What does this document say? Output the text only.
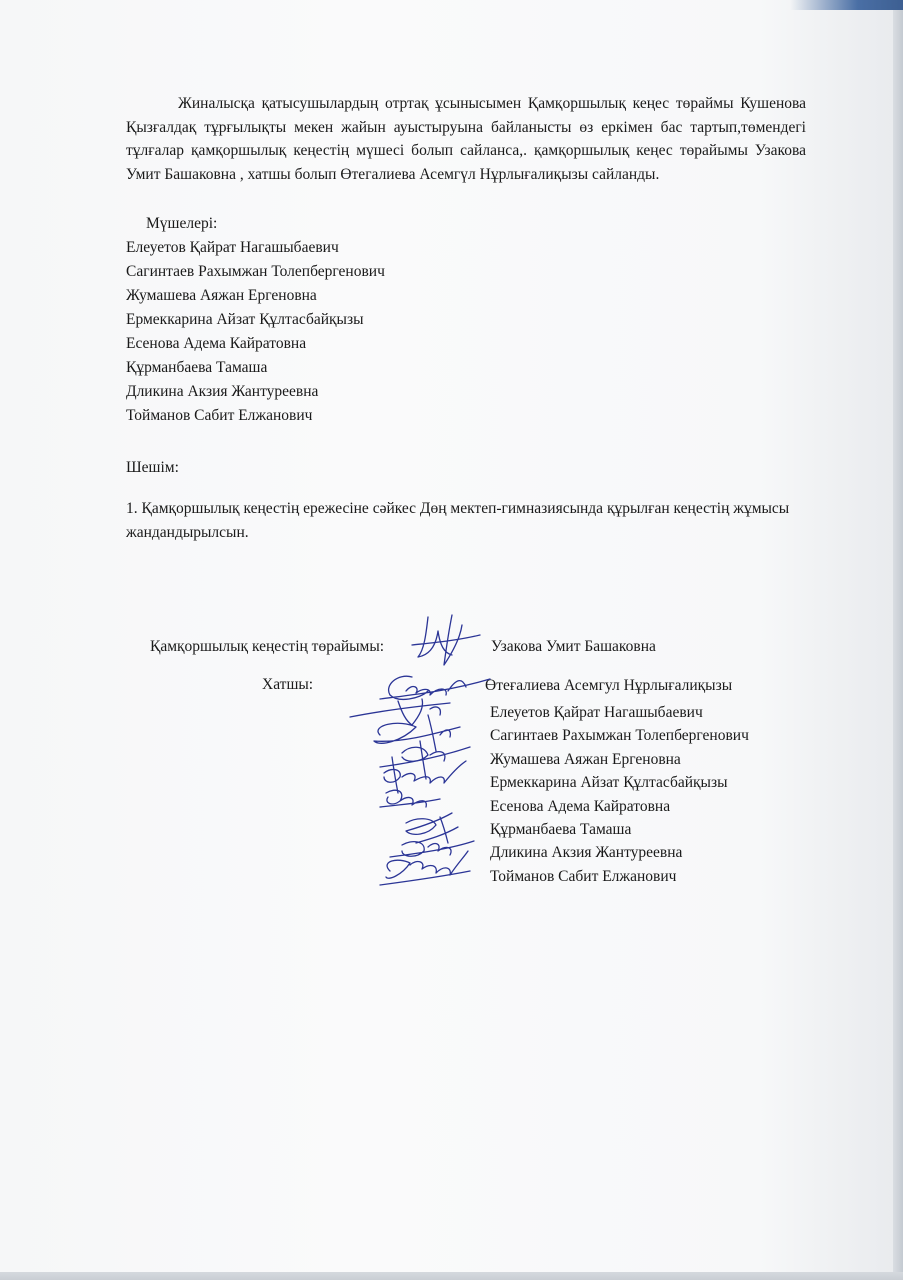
Жиналысқа қатысушылардың отртақ ұсынысымен Қамқоршылық кеңес төраймы Кушенова Қызғалдақ тұрғылықты мекен жайын ауыстыруына байланысты өз еркімен бас тартып,төмендегі тұлғалар қамқоршылық кеңестің мүшесі болып сайланса,. қамқоршылық кеңес төрайымы Узакова Умит Башаковна , хатшы болып Өтегалиева Асемгүл Нұрлығалиқызы сайланды.
Мүшелері:
Елеуетов Қайрат Нагашыбаевич
Сагинтаев Рахымжан Толепбергенович
Жумашева Аяжан Ергеновна
Ермеккарина Айзат Құлтасбайқызы
Есенова Адема Кайратовна
Құрманбаева Тамаша
Дликина Акзия Жантуреевна
Тойманов Сабит Елжанович
Шешім:
1. Қамқоршылық кеңестің ережесіне сәйкес Дөң мектеп-гимназиясында құрылған кеңестің жұмысы жандандырылсын.
Қамқоршылық кеңестің төрайымы:	Узакова Умит Башаковна
Хатшы:	Өтеғалиева Асемгул Нұрлығалиқызы
Елеуетов Қайрат Нагашыбаевич
Сагинтаев Рахымжан Толепбергенович
Жумашева Аяжан Ергеновна
Ермеккарина Айзат Құлтасбайқызы
Есенова Адема Кайратовна
Құрманбаева Тамаша
Дликина Акзия Жантуреевна
Тойманов Сабит Елжанович
